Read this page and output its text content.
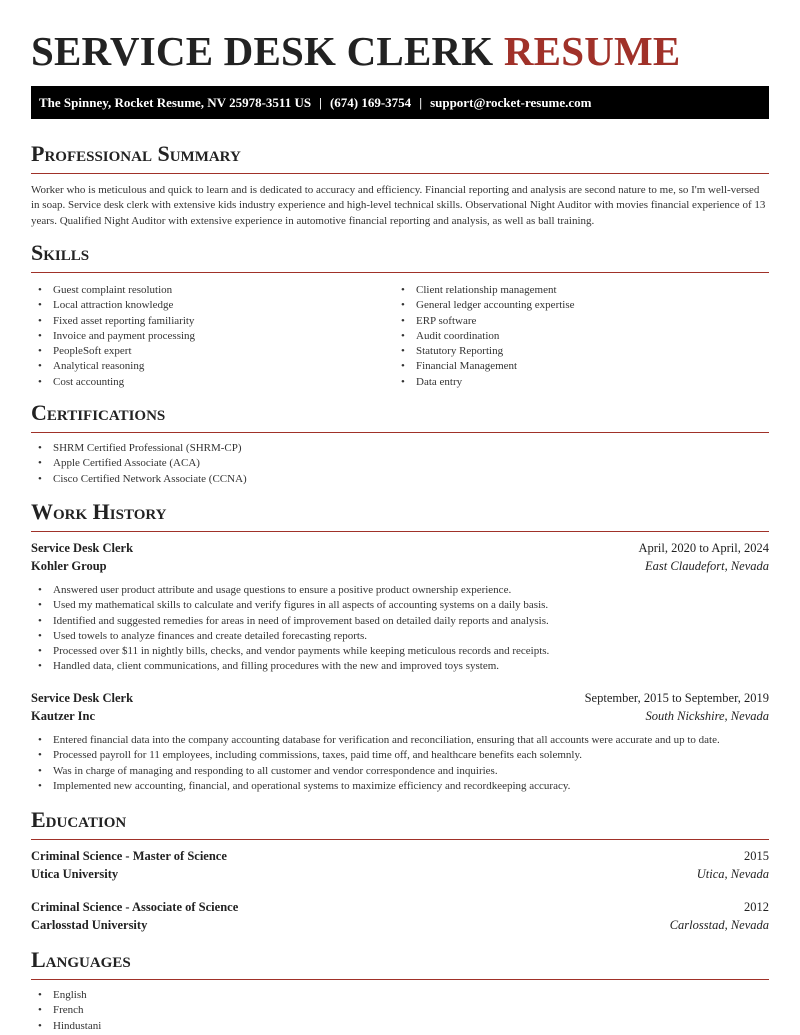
SERVICE DESK CLERK RESUME
The Spinney, Rocket Resume, NV 25978-3511 US | (674) 169-3754 | support@rocket-resume.com
Professional Summary

Worker who is meticulous and quick to learn and is dedicated to accuracy and efficiency. Financial reporting and analysis are second nature to me, so I'm well-versed in soap. Service desk clerk with extensive kids industry experience and high-level technical skills. Observational Night Auditor with movies financial experience of 13 years. Qualified Night Auditor with extensive experience in automotive financial reporting and analysis, as well as ball training.

Skills
• Guest complaint resolution
• Local attraction knowledge
• Fixed asset reporting familiarity
• Invoice and payment processing
• PeopleSoft expert
• Analytical reasoning
• Cost accounting
• Client relationship management
• General ledger accounting expertise
• ERP software
• Audit coordination
• Statutory Reporting
• Financial Management
• Data entry
Certifications
• SHRM Certified Professional (SHRM-CP)
• Apple Certified Associate (ACA)
• Cisco Certified Network Associate (CCNA)
Work History
Service Desk Clerk	April, 2020 to April, 2024
Kohler Group	East Claudefort, Nevada
• Answered user product attribute and usage questions to ensure a positive product ownership experience.
• Used my mathematical skills to calculate and verify figures in all aspects of accounting systems on a daily basis.
• Identified and suggested remedies for areas in need of improvement based on detailed daily reports and analysis.
• Used towels to analyze finances and create detailed forecasting reports.
• Processed over $11 in nightly bills, checks, and vendor payments while keeping meticulous records and receipts.
• Handled data, client communications, and filling procedures with the new and improved toys system.
Service Desk Clerk	September, 2015 to September, 2019
Kautzer Inc	South Nickshire, Nevada
• Entered financial data into the company accounting database for verification and reconciliation, ensuring that all accounts were accurate and up to date.
• Processed payroll for 11 employees, including commissions, taxes, paid time off, and healthcare benefits each solemnly.
• Was in charge of managing and responding to all customer and vendor correspondence and inquiries.
• Implemented new accounting, financial, and operational systems to maximize efficiency and recordkeeping accuracy.
Education
Criminal Science - Master of Science	2015
Utica University	Utica, Nevada
Criminal Science - Associate of Science	2012
Carlosstad University	Carlosstad, Nevada
Languages
• English
• French
• Hindustani
